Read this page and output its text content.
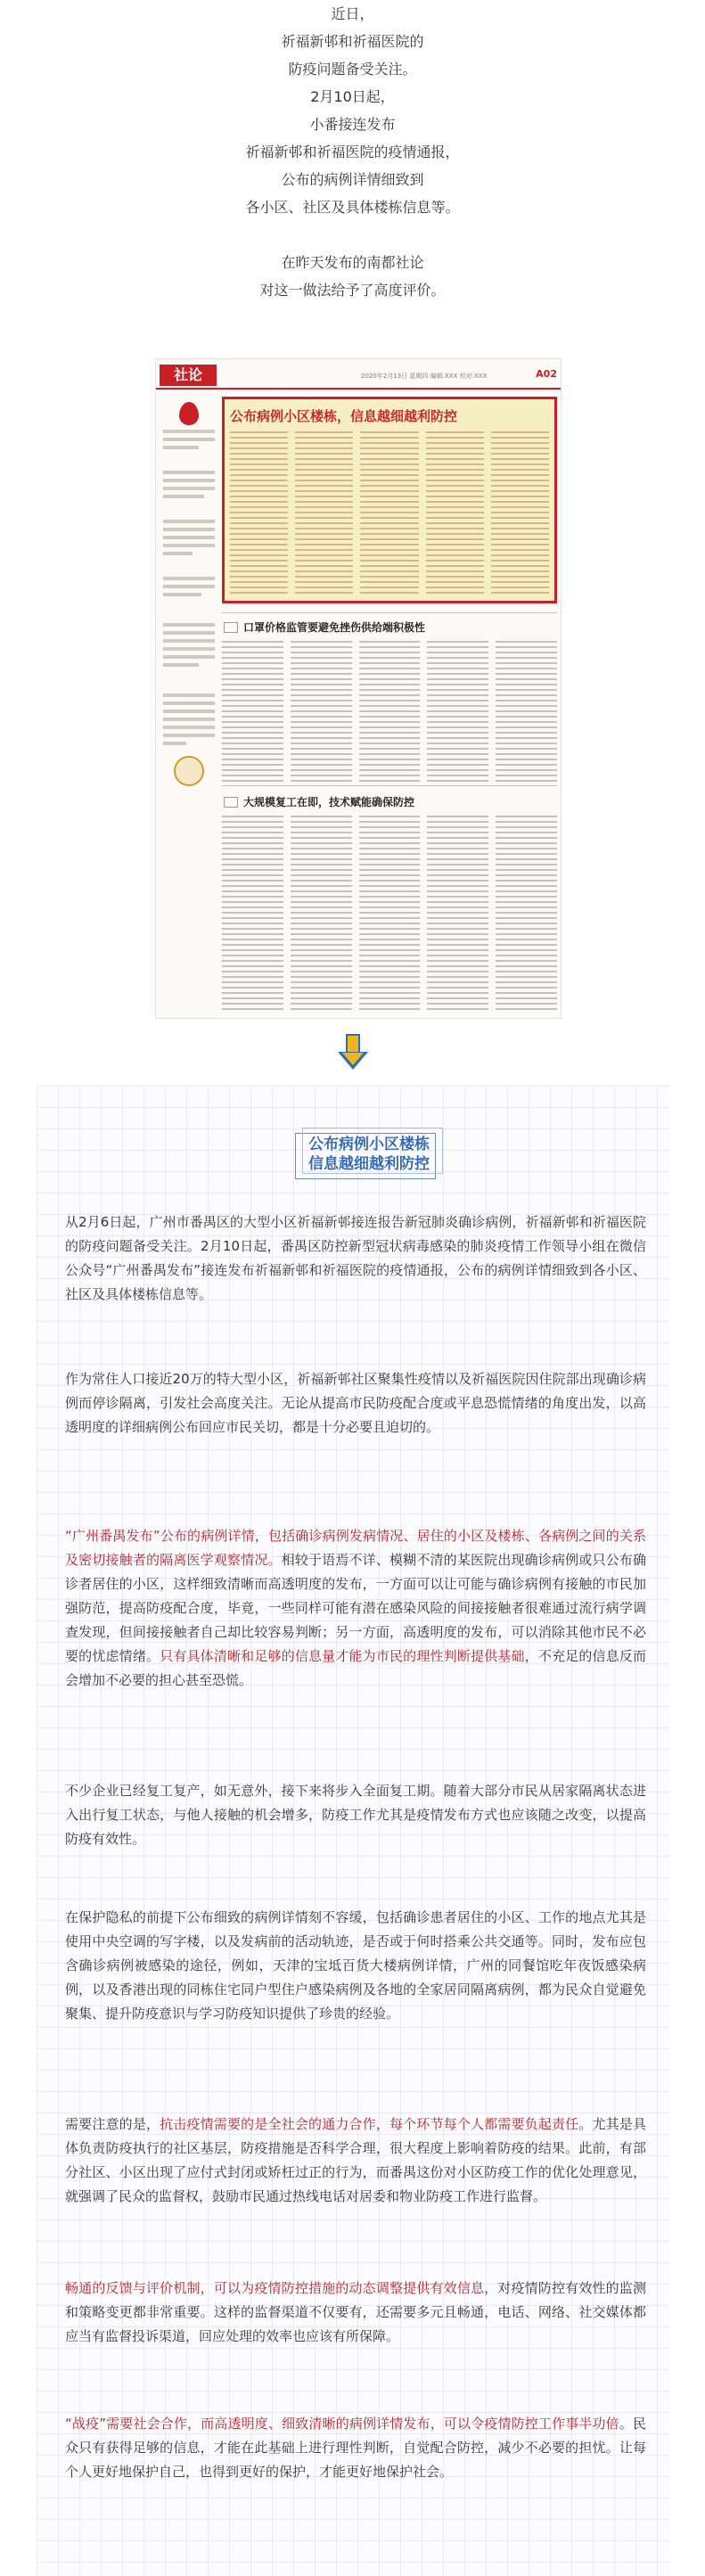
近日，

祈福新邨和祈福医院的

防疫问题备受关注。

2月10日起，

小番接连发布

祈福新邨和祈福医院的疫情通报，

公布的病例详情细致到

各小区、社区及具体楼栋信息等。

在昨天发布的南都社论

对这一做法给予了高度评价。

社论	2020年2月13日 星期四 编辑:XXX 校对:XXX	A02
公布病例小区楼栋，信息越细越利防控
口罩价格监管要避免挫伤供给端积极性
大规模复工在即，技术赋能确保防控
公布病例小区楼栋
信息越细越利防控

从2月6日起，广州市番禺区的大型小区祈福新邨接连报告新冠肺炎确诊病例，祈福新邨和祈福医院的防疫问题备受关注。2月10日起，番禺区防控新型冠状病毒感染的肺炎疫情工作领导小组在微信公众号“广州番禺发布”接连发布祈福新邨和祈福医院的疫情通报，公布的病例详情细致到各小区、社区及具体楼栋信息等。

作为常住人口接近20万的特大型小区，祈福新邨社区聚集性疫情以及祈福医院因住院部出现确诊病例而停诊隔离，引发社会高度关注。无论从提高市民防疫配合度或平息恐慌情绪的角度出发，以高透明度的详细病例公布回应市民关切，都是十分必要且迫切的。

“广州番禺发布”公布的病例详情，包括确诊病例发病情况、居住的小区及楼栋、各病例之间的关系及密切接触者的隔离医学观察情况。相较于语焉不详、模糊不清的某医院出现确诊病例或只公布确诊者居住的小区，这样细致清晰而高透明度的发布，一方面可以让可能与确诊病例有接触的市民加强防范，提高防疫配合度，毕竟，一些同样可能有潜在感染风险的间接接触者很难通过流行病学调查发现，但间接接触者自己却比较容易判断；另一方面，高透明度的发布，可以消除其他市民不必要的忧虑情绪。只有具体清晰和足够的信息量才能为市民的理性判断提供基础，不充足的信息反而会增加不必要的担心甚至恐慌。

不少企业已经复工复产，如无意外，接下来将步入全面复工期。随着大部分市民从居家隔离状态进入出行复工状态，与他人接触的机会增多，防疫工作尤其是疫情发布方式也应该随之改变，以提高防疫有效性。

在保护隐私的前提下公布细致的病例详情刻不容缓，包括确诊患者居住的小区、工作的地点尤其是使用中央空调的写字楼，以及发病前的活动轨迹，是否或于何时搭乘公共交通等。同时，发布应包含确诊病例被感染的途径，例如，天津的宝坻百货大楼病例详情，广州的同餐馆吃年夜饭感染病例，以及香港出现的同栋住宅同户型住户感染病例及各地的全家居同隔离病例，都为民众自觉避免聚集、提升防疫意识与学习防疫知识提供了珍贵的经验。

需要注意的是，抗击疫情需要的是全社会的通力合作，每个环节每个人都需要负起责任。尤其是具体负责防疫执行的社区基层，防疫措施是否科学合理，很大程度上影响着防疫的结果。此前，有部分社区、小区出现了应付式封闭或矫枉过正的行为，而番禺这份对小区防疫工作的优化处理意见，就强调了民众的监督权，鼓励市民通过热线电话对居委和物业防疫工作进行监督。

畅通的反馈与评价机制，可以为疫情防控措施的动态调整提供有效信息，对疫情防控有效性的监测和策略变更都非常重要。这样的监督渠道不仅要有，还需要多元且畅通，电话、网络、社交媒体都应当有监督投诉渠道，回应处理的效率也应该有所保障。

“战疫”需要社会合作，而高透明度、细致清晰的病例详情发布，可以令疫情防控工作事半功倍。民众只有获得足够的信息，才能在此基础上进行理性判断，自觉配合防控，减少不必要的担忧。让每个人更好地保护自己，也得到更好的保护，才能更好地保护社会。
